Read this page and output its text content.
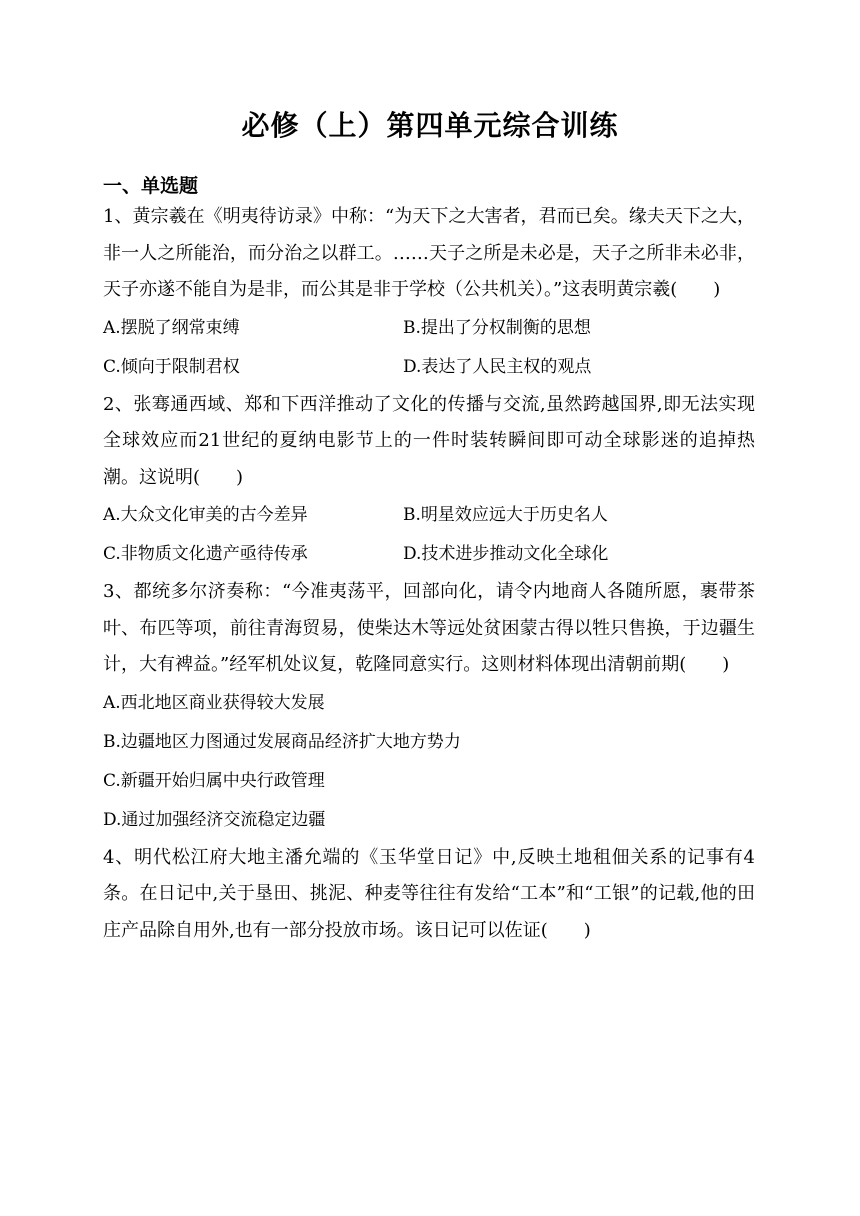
必修（上）第四单元综合训练
一、单选题

1、黄宗羲在《明夷待访录》中称：“为天下之大害者，君而已矣。缘夫天下之大，非一人之所能治，而分治之以群工。……天子之所是未必是，天子之所非未必非，天子亦遂不能自为是非，而公其是非于学校（公共机关）。”这表明黄宗羲(　　)

A.摆脱了纲常束缚	B.提出了分权制衡的思想
C.倾向于限制君权	D.表达了人民主权的观点

2、张骞通西域、郑和下西洋推动了文化的传播与交流,虽然跨越国界,即无法实现全球效应而21世纪的夏纳电影节上的一件时装转瞬间即可动全球影迷的追掉热潮。这说明(　　)

A.大众文化审美的古今差异	B.明星效应远大于历史名人
C.非物质文化遗产亟待传承	D.技术进步推动文化全球化

3、都统多尔济奏称：“今准夷荡平，回部向化，请令内地商人各随所愿，裹带茶叶、布匹等项，前往青海贸易，使柴达木等远处贫困蒙古得以牲只售换，于边疆生计，大有裨益。”经军机处议复，乾隆同意实行。这则材料体现出清朝前期(　　)

A.西北地区商业获得较大发展

B.边疆地区力图通过发展商品经济扩大地方势力

C.新疆开始归属中央行政管理

D.通过加强经济交流稳定边疆

4、明代松江府大地主潘允端的《玉华堂日记》中,反映土地租佃关系的记事有4条。在日记中,关于垦田、挑泥、种麦等往往有发给“工本”和“工银”的记载,他的田庄产品除自用外,也有一部分投放市场。该日记可以佐证(　　)
